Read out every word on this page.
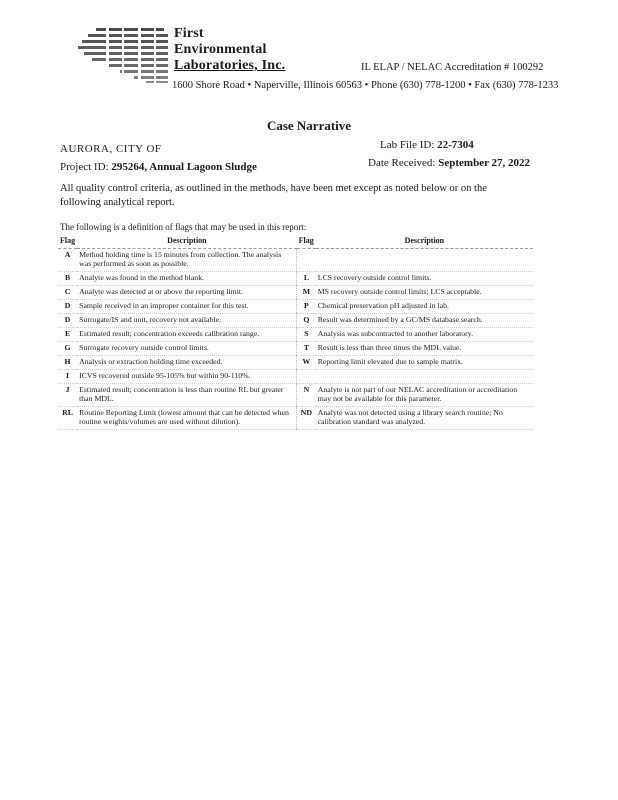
First
Environmental
Laboratories, Inc.	IL ELAP / NELAC Accreditation # 100292
1600 Shore Road • Naperville, Illinois 60563 • Phone (630) 778-1200 • Fax (630) 778-1233
Case Narrative
AURORA, CITY OF	Lab File ID: 22-7304
Project ID: 295264, Annual Lagoon Sludge	Date Received: September 27, 2022
All quality control criteria, as outlined in the methods, have been met except as noted below or on the following analytical report.
The following is a definition of flags that may be used in this report:
Flag	Description	Flag	Description
A	Method holding time is 15 minutes from collection. The analysis was performed as soon as possible.		
B	Analyte was found in the method blank.	L	LCS recovery outside control limits.
C	Analyte was detected at or above the reporting limit.	M	MS recovery outside control limits; LCS acceptable.
D	Sample received in an improper container for this test.	P	Chemical preservation pH adjusted in lab.
D	Surrogate/IS and unit, recovery not available.	Q	Result was determined by a GC/MS database search.
E	Estimated result; concentration exceeds calibration range.	S	Analysis was subcontracted to another laboratory.
G	Surrogate recovery outside control limits.	T	Result is less than three times the MDL value.
H	Analysis or extraction holding time exceeded.	W	Reporting limit elevated due to sample matrix.
I	ICVS recovered outside 95-105% but within 90-110%.		
J	Estimated result; concentration is less than routine RL but greater than MDL.	N	Analyte is not part of our NELAC accreditation or accreditation may not be available for this parameter.
RL	Routine Reporting Limit (lowest amount that can be detected when routine weights/volumes are used without dilution).	ND	Analyte was not detected using a library search routine; No calibration standard was analyzed.
